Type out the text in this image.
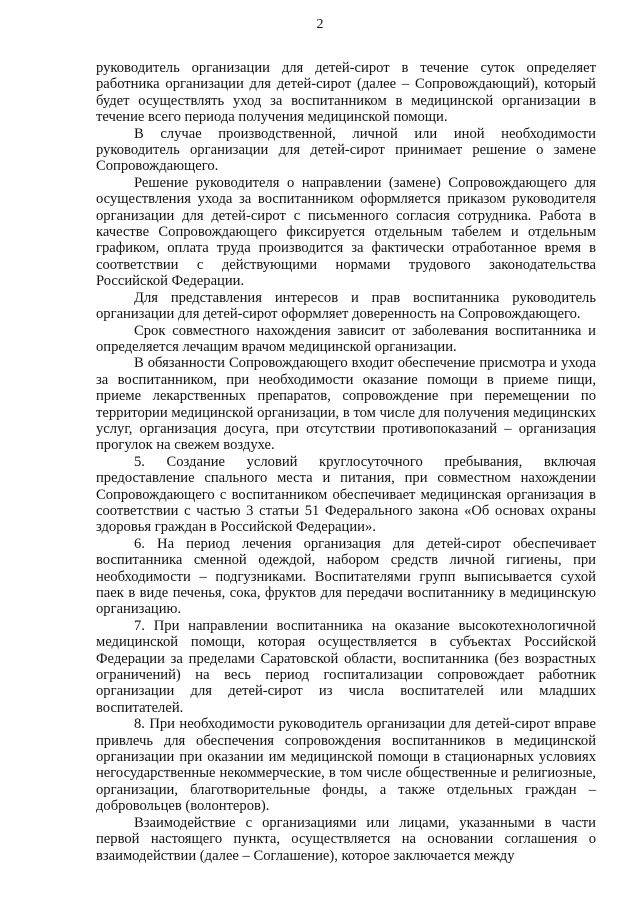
2

руководитель организации для детей-сирот в течение суток определяет работника организации для детей-сирот (далее – Сопровождающий), который будет осуществлять уход за воспитанником в медицинской организации в течение всего периода получения медицинской помощи.

В случае производственной, личной или иной необходимости руководитель организации для детей-сирот принимает решение о замене Сопровождающего.

Решение руководителя о направлении (замене) Сопровождающего для осуществления ухода за воспитанником оформляется приказом руководителя организации для детей-сирот с письменного согласия сотрудника. Работа в качестве Сопровождающего фиксируется отдельным табелем и отдельным графиком, оплата труда производится за фактически отработанное время в соответствии с действующими нормами трудового законодательства Российской Федерации.

Для представления интересов и прав воспитанника руководитель организации для детей-сирот оформляет доверенность на Сопровождающего.

Срок совместного нахождения зависит от заболевания воспитанника и определяется лечащим врачом медицинской организации.

В обязанности Сопровождающего входит обеспечение присмотра и ухода за воспитанником, при необходимости оказание помощи в приеме пищи, приеме лекарственных препаратов, сопровождение при перемещении по территории медицинской организации, в том числе для получения медицинских услуг, организация досуга, при отсутствии противопоказаний – организация прогулок на свежем воздухе.

5. Создание условий круглосуточного пребывания, включая предоставление спального места и питания, при совместном нахождении Сопровождающего с воспитанником обеспечивает медицинская организация в соответствии с частью 3 статьи 51 Федерального закона «Об основах охраны здоровья граждан в Российской Федерации».

6. На период лечения организация для детей-сирот обеспечивает воспитанника сменной одеждой, набором средств личной гигиены, при необходимости – подгузниками. Воспитателями групп выписывается сухой паек в виде печенья, сока, фруктов для передачи воспитаннику в медицинскую организацию.

7. При направлении воспитанника на оказание высокотехнологичной медицинской помощи, которая осуществляется в субъектах Российской Федерации за пределами Саратовской области, воспитанника (без возрастных ограничений) на весь период госпитализации сопровождает работник организации для детей-сирот из числа воспитателей или младших воспитателей.

8. При необходимости руководитель организации для детей-сирот вправе привлечь для обеспечения сопровождения воспитанников в медицинской организации при оказании им медицинской помощи в стационарных условиях негосударственные некоммерческие, в том числе общественные и религиозные, организации, благотворительные фонды, а также отдельных граждан – добровольцев (волонтеров).

Взаимодействие с организациями или лицами, указанными в части первой настоящего пункта, осуществляется на основании соглашения о взаимодействии (далее – Соглашение), которое заключается между
